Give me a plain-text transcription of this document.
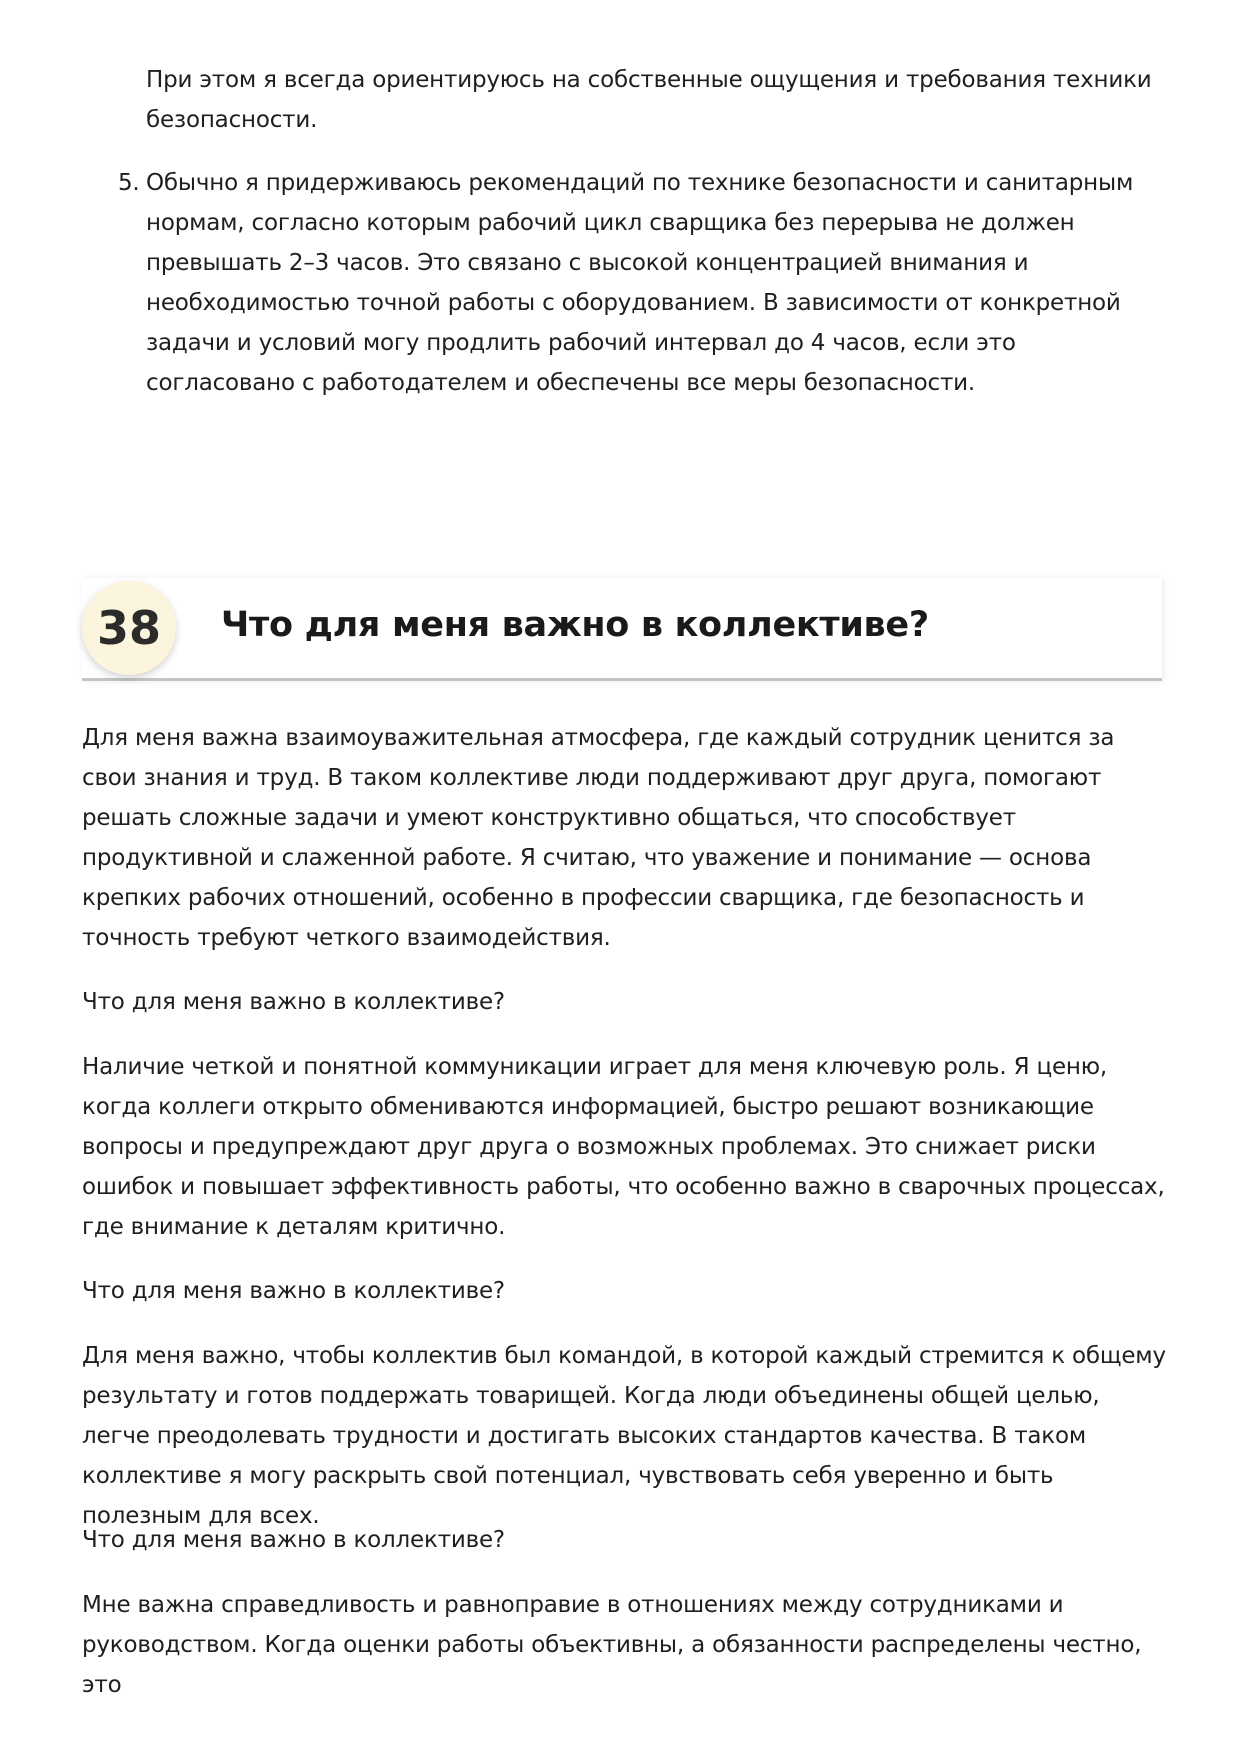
При этом я всегда ориентируюсь на собственные ощущения и требования техники безопасности.

5. Обычно я придерживаюсь рекомендаций по технике безопасности и санитарным нормам, согласно которым рабочий цикл сварщика без перерыва не должен превышать 2–3 часов. Это связано с высокой концентрацией внимания и необходимостью точной работы с оборудованием. В зависимости от конкретной задачи и условий могу продлить рабочий интервал до 4 часов, если это согласовано с работодателем и обеспечены все меры безопасности.
38	Что для меня важно в коллективе?

Для меня важна взаимоуважительная атмосфера, где каждый сотрудник ценится за свои знания и труд. В таком коллективе люди поддерживают друг друга, помогают решать сложные задачи и умеют конструктивно общаться, что способствует продуктивной и слаженной работе. Я считаю, что уважение и понимание — основа крепких рабочих отношений, особенно в профессии сварщика, где безопасность и точность требуют четкого взаимодействия.

Что для меня важно в коллективе?

Наличие четкой и понятной коммуникации играет для меня ключевую роль. Я ценю, когда коллеги открыто обмениваются информацией, быстро решают возникающие вопросы и предупреждают друг друга о возможных проблемах. Это снижает риски ошибок и повышает эффективность работы, что особенно важно в сварочных процессах, где внимание к деталям критично.

Что для меня важно в коллективе?

Для меня важно, чтобы коллектив был командой, в которой каждый стремится к общему результату и готов поддержать товарищей. Когда люди объединены общей целью, легче преодолевать трудности и достигать высоких стандартов качества. В таком коллективе я могу раскрыть свой потенциал, чувствовать себя уверенно и быть полезным для всех.

Что для меня важно в коллективе?

Мне важна справедливость и равноправие в отношениях между сотрудниками и руководством. Когда оценки работы объективны, а обязанности распределены честно, это
